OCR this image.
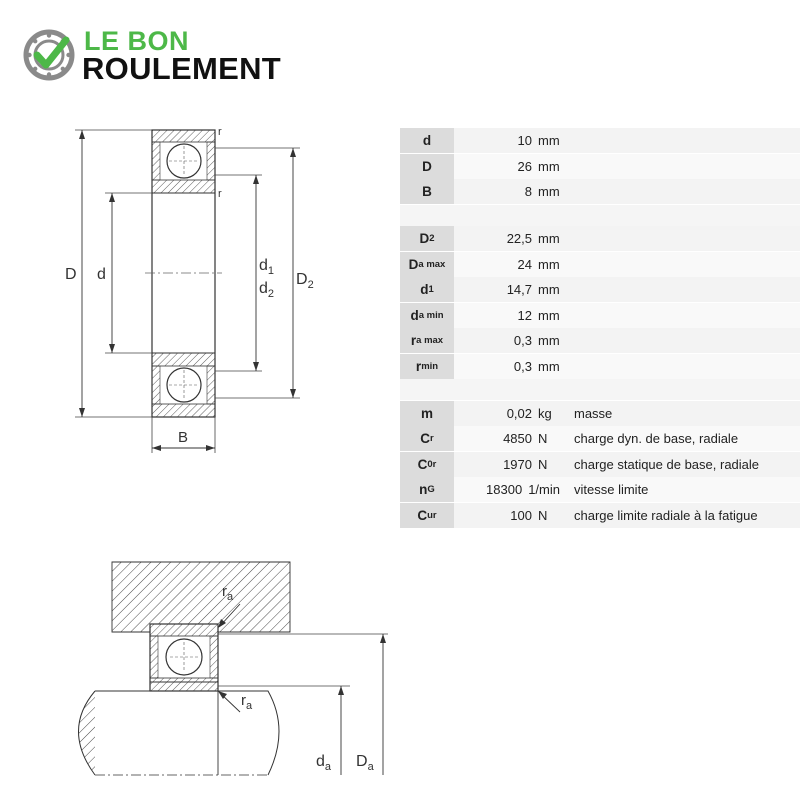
LE BON
ROULEMENT
D d
$d_1$
$d_2$
$D_2$
B
r
r
$r_a$
$r_a$
$d_a$ $D_a$
d	10 mm
D	26 mm
B	8 mm
D 2	22,5 mm
D a max	24 mm
d 1	14,7 mm
d a min	12 mm
r a max	0,3 mm
r min	0,3 mm
m	0,02 kg	masse
C r	4850 N	charge dyn. de base, radiale
C 0r	1970 N	charge statique de base, radiale
n G	18300 1/min	vitesse limite
C ur	100 N	charge limite radiale à la fatigue
